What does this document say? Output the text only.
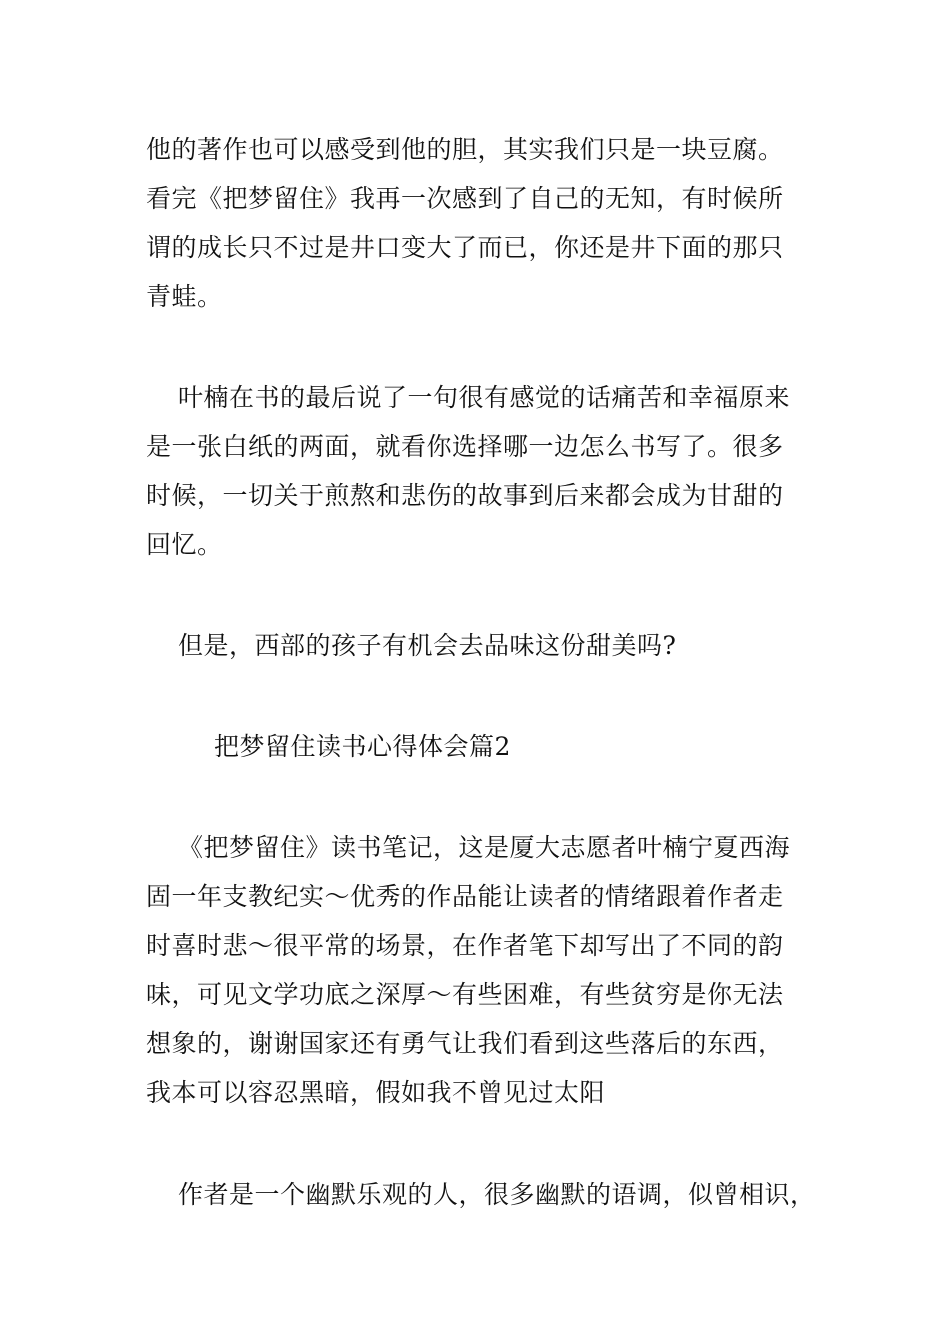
他的著作也可以感受到他的胆，其实我们只是一块豆腐。
看完《把梦留住》我再一次感到了自己的无知，有时候所
谓的成长只不过是井口变大了而已，你还是井下面的那只
青蛙。
叶楠在书的最后说了一句很有感觉的话痛苦和幸福原来
是一张白纸的两面，就看你选择哪一边怎么书写了。很多
时候，一切关于煎熬和悲伤的故事到后来都会成为甘甜的
回忆。
但是，西部的孩子有机会去品味这份甜美吗?
把梦留住读书心得体会篇2
《把梦留住》读书笔记，这是厦大志愿者叶楠宁夏西海
固一年支教纪实～优秀的作品能让读者的情绪跟着作者走
时喜时悲～很平常的场景，在作者笔下却写出了不同的韵
味，可见文学功底之深厚～有些困难，有些贫穷是你无法
想象的，谢谢国家还有勇气让我们看到这些落后的东西，
我本可以容忍黑暗，假如我不曾见过太阳
作者是一个幽默乐观的人，很多幽默的语调，似曾相识，
